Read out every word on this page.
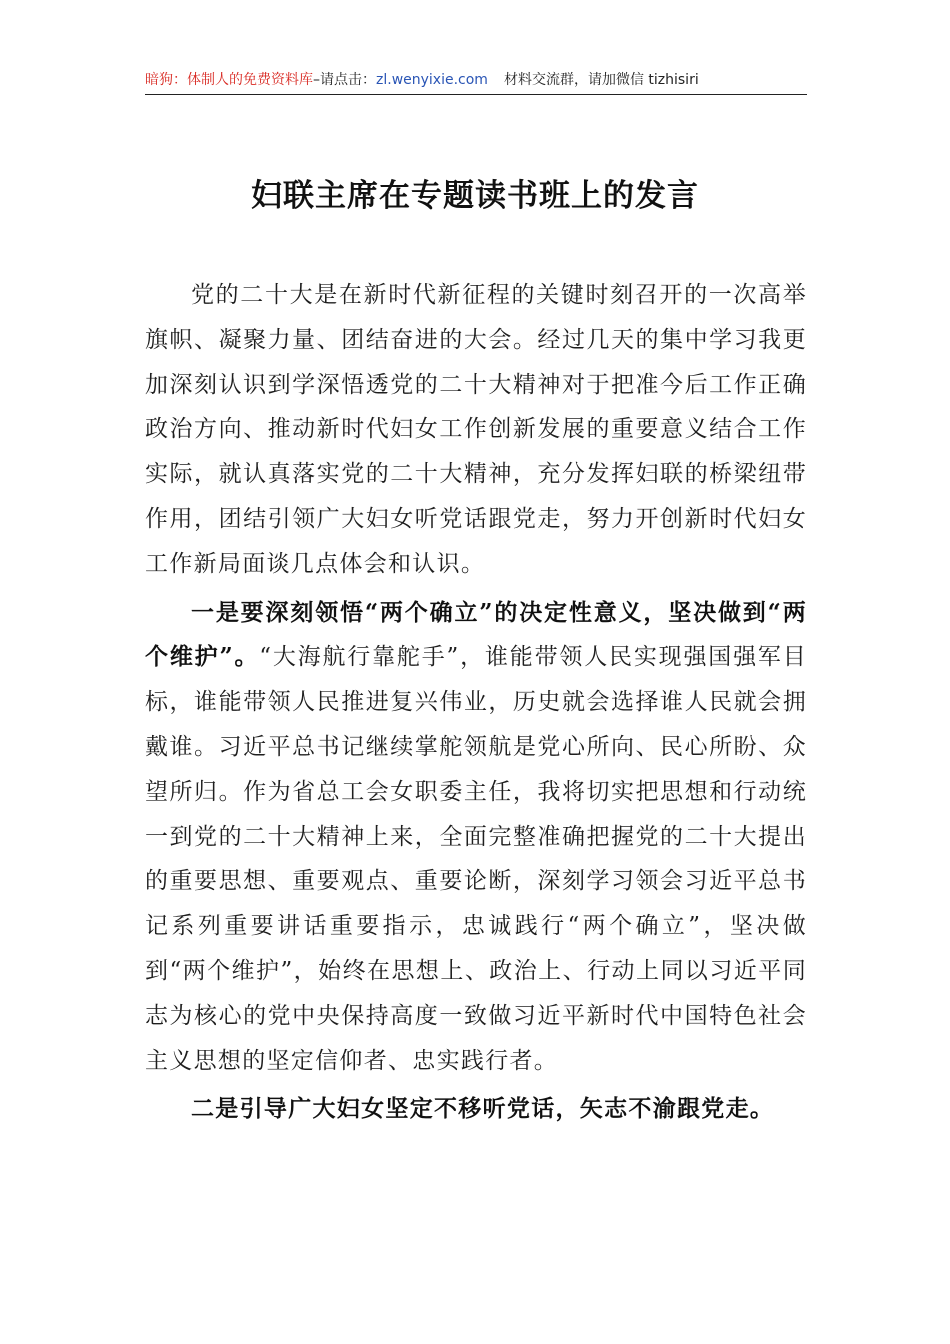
暗狗：体制人的免费资料库–请点击：zl.wenyixie.com 材料交流群，请加微信 tizhisiri
妇联主席在专题读书班上的发言

党的二十大是在新时代新征程的关键时刻召开的一次高举旗帜、凝聚力量、团结奋进的大会。经过几天的集中学习我更加深刻认识到学深悟透党的二十大精神对于把准今后工作正确政治方向、推动新时代妇女工作创新发展的重要意义结合工作实际，就认真落实党的二十大精神，充分发挥妇联的桥梁纽带作用，团结引领广大妇女听党话跟党走，努力开创新时代妇女工作新局面谈几点体会和认识。

一是要深刻领悟“两个确立”的决定性意义，坚决做到“两个维护”。“大海航行靠舵手”，谁能带领人民实现强国强军目标，谁能带领人民推进复兴伟业，历史就会选择谁人民就会拥戴谁。习近平总书记继续掌舵领航是党心所向、民心所盼、众望所归。作为省总工会女职委主任，我将切实把思想和行动统一到党的二十大精神上来，全面完整准确把握党的二十大提出的重要思想、重要观点、重要论断，深刻学习领会习近平总书记系列重要讲话重要指示，忠诚践行“两个确立”，坚决做到“两个维护”，始终在思想上、政治上、行动上同以习近平同志为核心的党中央保持高度一致做习近平新时代中国特色社会主义思想的坚定信仰者、忠实践行者。

二是引导广大妇女坚定不移听党话，矢志不渝跟党走。
